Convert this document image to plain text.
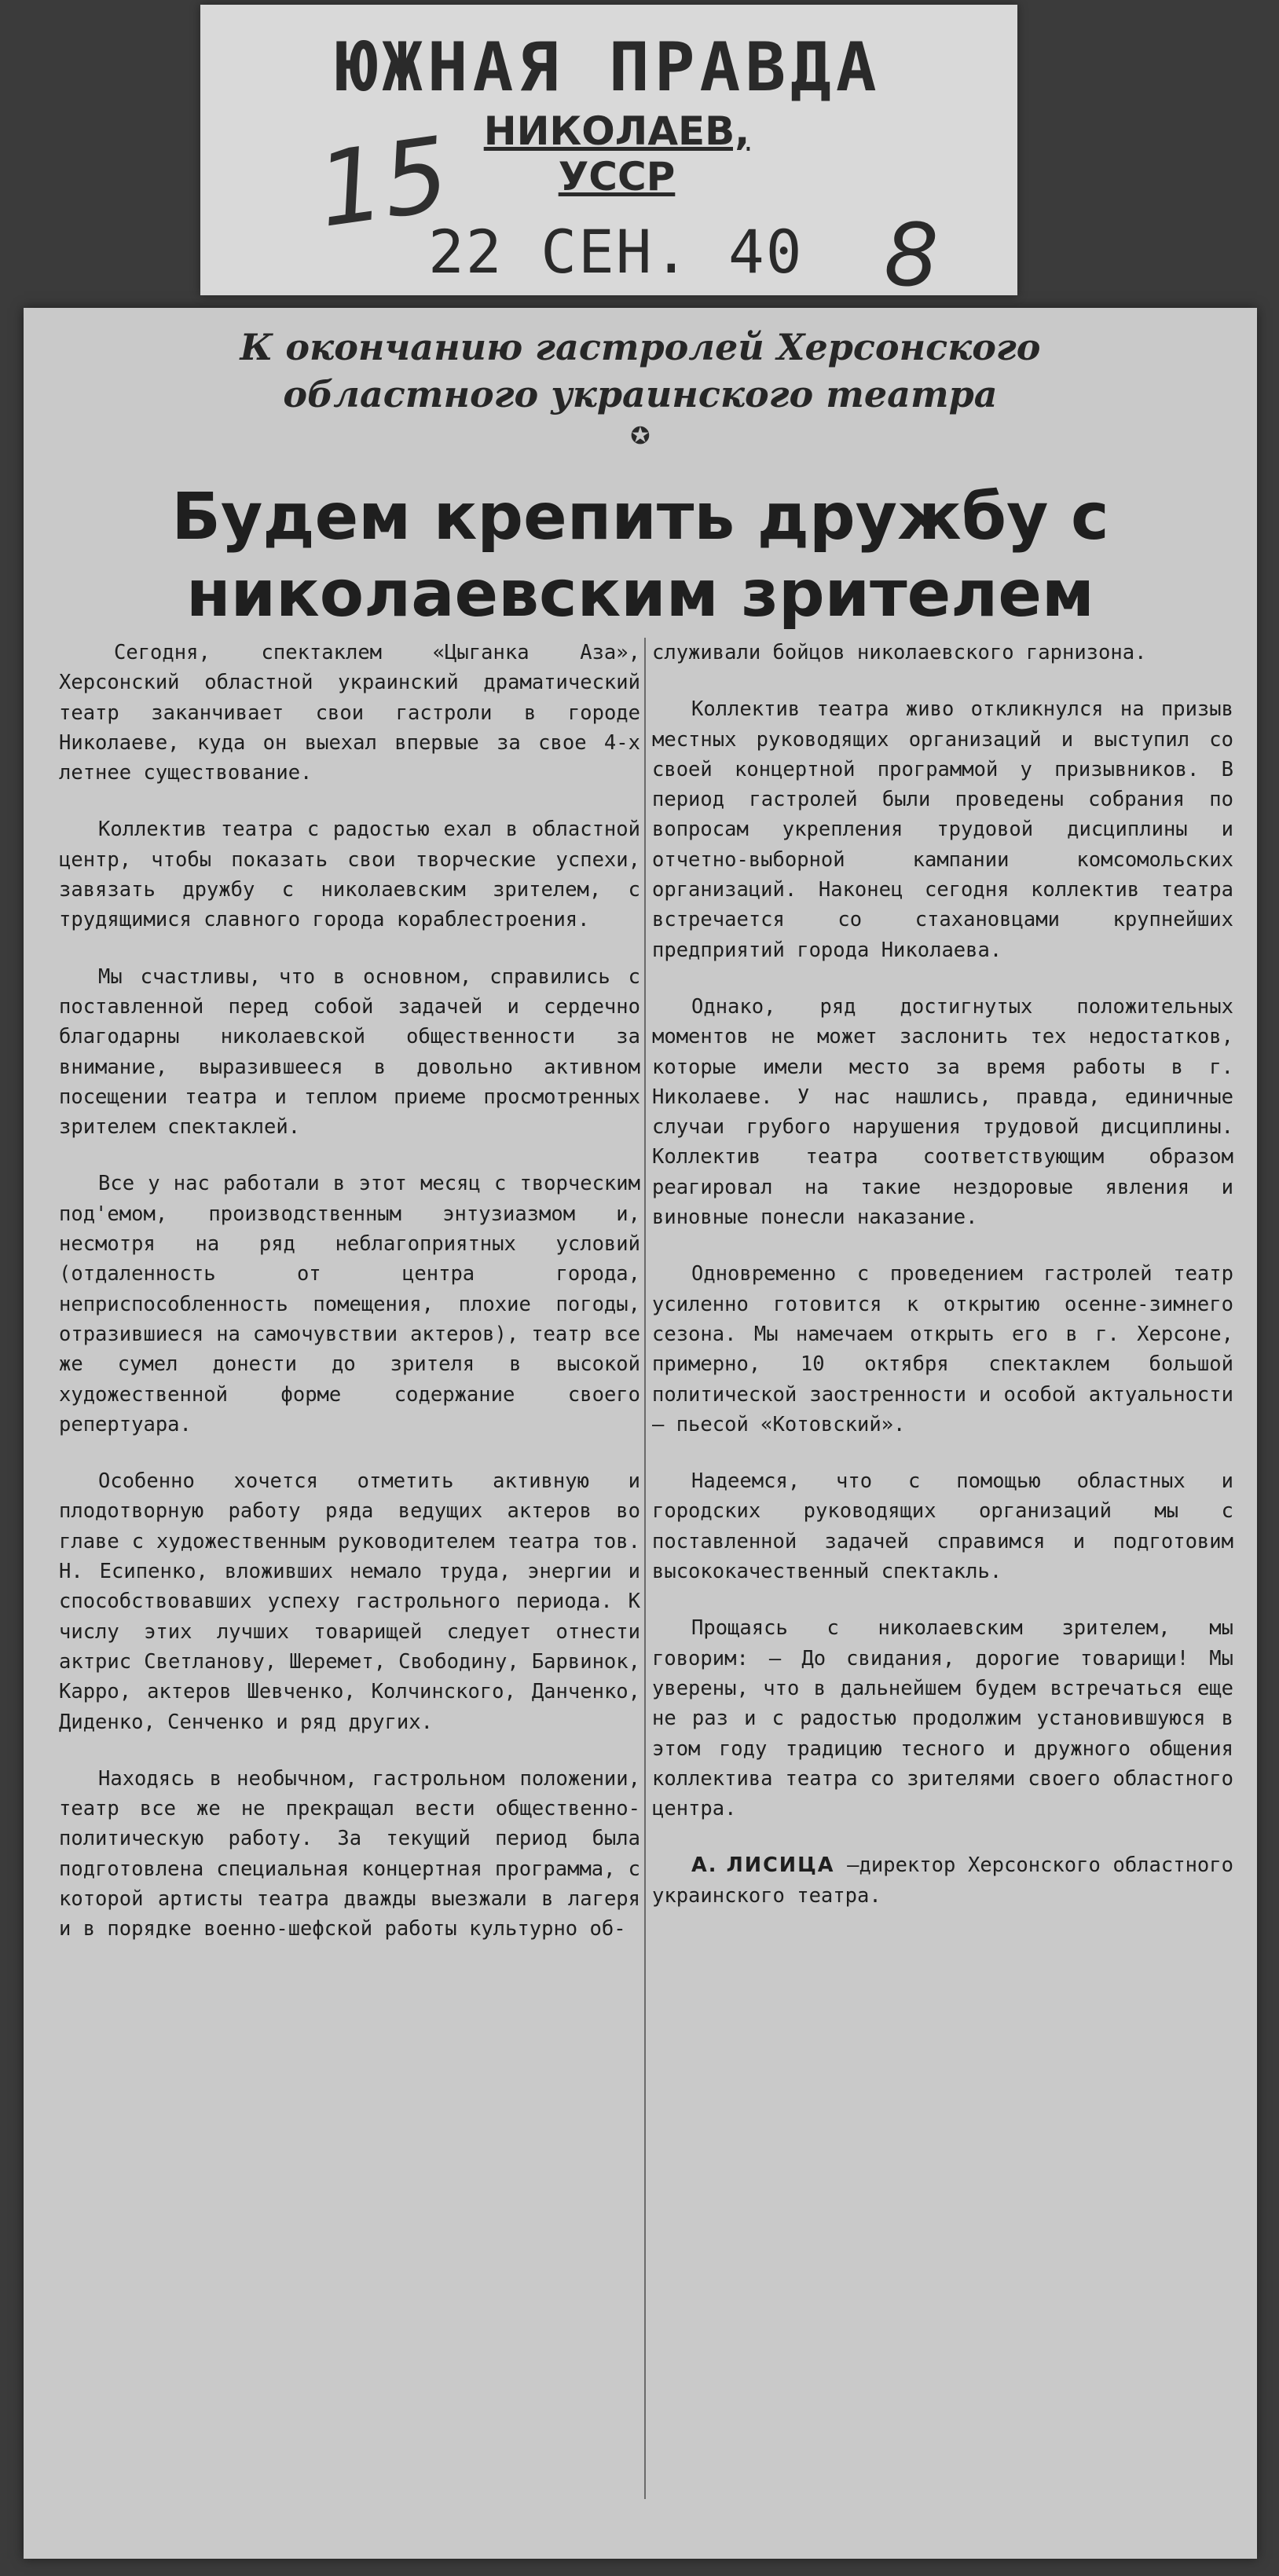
ЮЖНАЯ ПРАВДА
НИКОЛАЕВ, УССР
15
22 СЕН. 40 8
К окончанию гастролей Херсонского областного украинского театра
✪
Будем крепить дружбу с николаевским зрителем

Сегодня, спектаклем «Цыганка Аза», Херсонский областной украинский драматический театр заканчивает свои гастроли в городе Николаеве, куда он выехал впервые за свое 4-х летнее существование.

Коллектив театра с радостью ехал в областной центр, чтобы показать свои творческие успехи, завязать дружбу с николаевским зрителем, с трудящимися славного города кораблестроения.

Мы счастливы, что в основном, справились с поставленной перед собой задачей и сердечно благодарны николаевской общественности за внимание, выразившееся в довольно активном посещении театра и теплом приеме просмотренных зрителем спектаклей.

Все у нас работали в этот месяц с творческим под'емом, производственным энтузиазмом и, несмотря на ряд неблагоприятных условий (отдаленность от центра города, неприспособленность помещения, плохие погоды, отразившиеся на самочувствии актеров), театр все же сумел донести до зрителя в высокой художественной форме содержание своего репертуара.

Особенно хочется отметить активную и плодотворную работу ряда ведущих актеров во главе с художественным руководителем театра тов. Н. Есипенко, вложивших немало труда, энергии и способствовавших успеху гастрольного периода. К числу этих лучших товарищей следует отнести актрис Светланову, Шеремет, Свободину, Барвинок, Карро, актеров Шевченко, Колчинского, Данченко, Диденко, Сенченко и ряд других.

Находясь в необычном, гастрольном положении, театр все же не прекращал вести общественно-политическую работу. За текущий период была подготовлена специальная концертная программа, с которой артисты театра дважды выезжали в лагеря и в порядке военно-шефской работы культурно об-

служивали бойцов николаевского гарнизона.

Коллектив театра живо откликнулся на призыв местных руководящих организаций и выступил со своей концертной программой у призывников. В период гастролей были проведены собрания по вопросам укрепления трудовой дисциплины и отчетно-выборной кампании комсомольских организаций. Наконец сегодня коллектив театра встречается со стахановцами крупнейших предприятий города Николаева.

Однако, ряд достигнутых положительных моментов не может заслонить тех недостатков, которые имели место за время работы в г. Николаеве. У нас нашлись, правда, единичные случаи грубого нарушения трудовой дисциплины. Коллектив театра соответствующим образом реагировал на такие нездоровые явления и виновные понесли наказание.

Одновременно с проведением гастролей театр усиленно готовится к открытию осенне-зимнего сезона. Мы намечаем открыть его в г. Херсоне, примерно, 10 октября спектаклем большой политической заостренности и особой актуальности — пьесой «Котовский».

Надеемся, что с помощью областных и городских руководящих организаций мы с поставленной задачей справимся и подготовим высококачественный спектакль.

Прощаясь с николаевским зрителем, мы говорим: — До свидания, дорогие товарищи! Мы уверены, что в дальнейшем будем встречаться еще не раз и с радостью продолжим установившуюся в этом году традицию тесного и дружного общения коллектива театра со зрителями своего областного центра.

А. ЛИСИЦА —директор Херсонского областного украинского театра.
